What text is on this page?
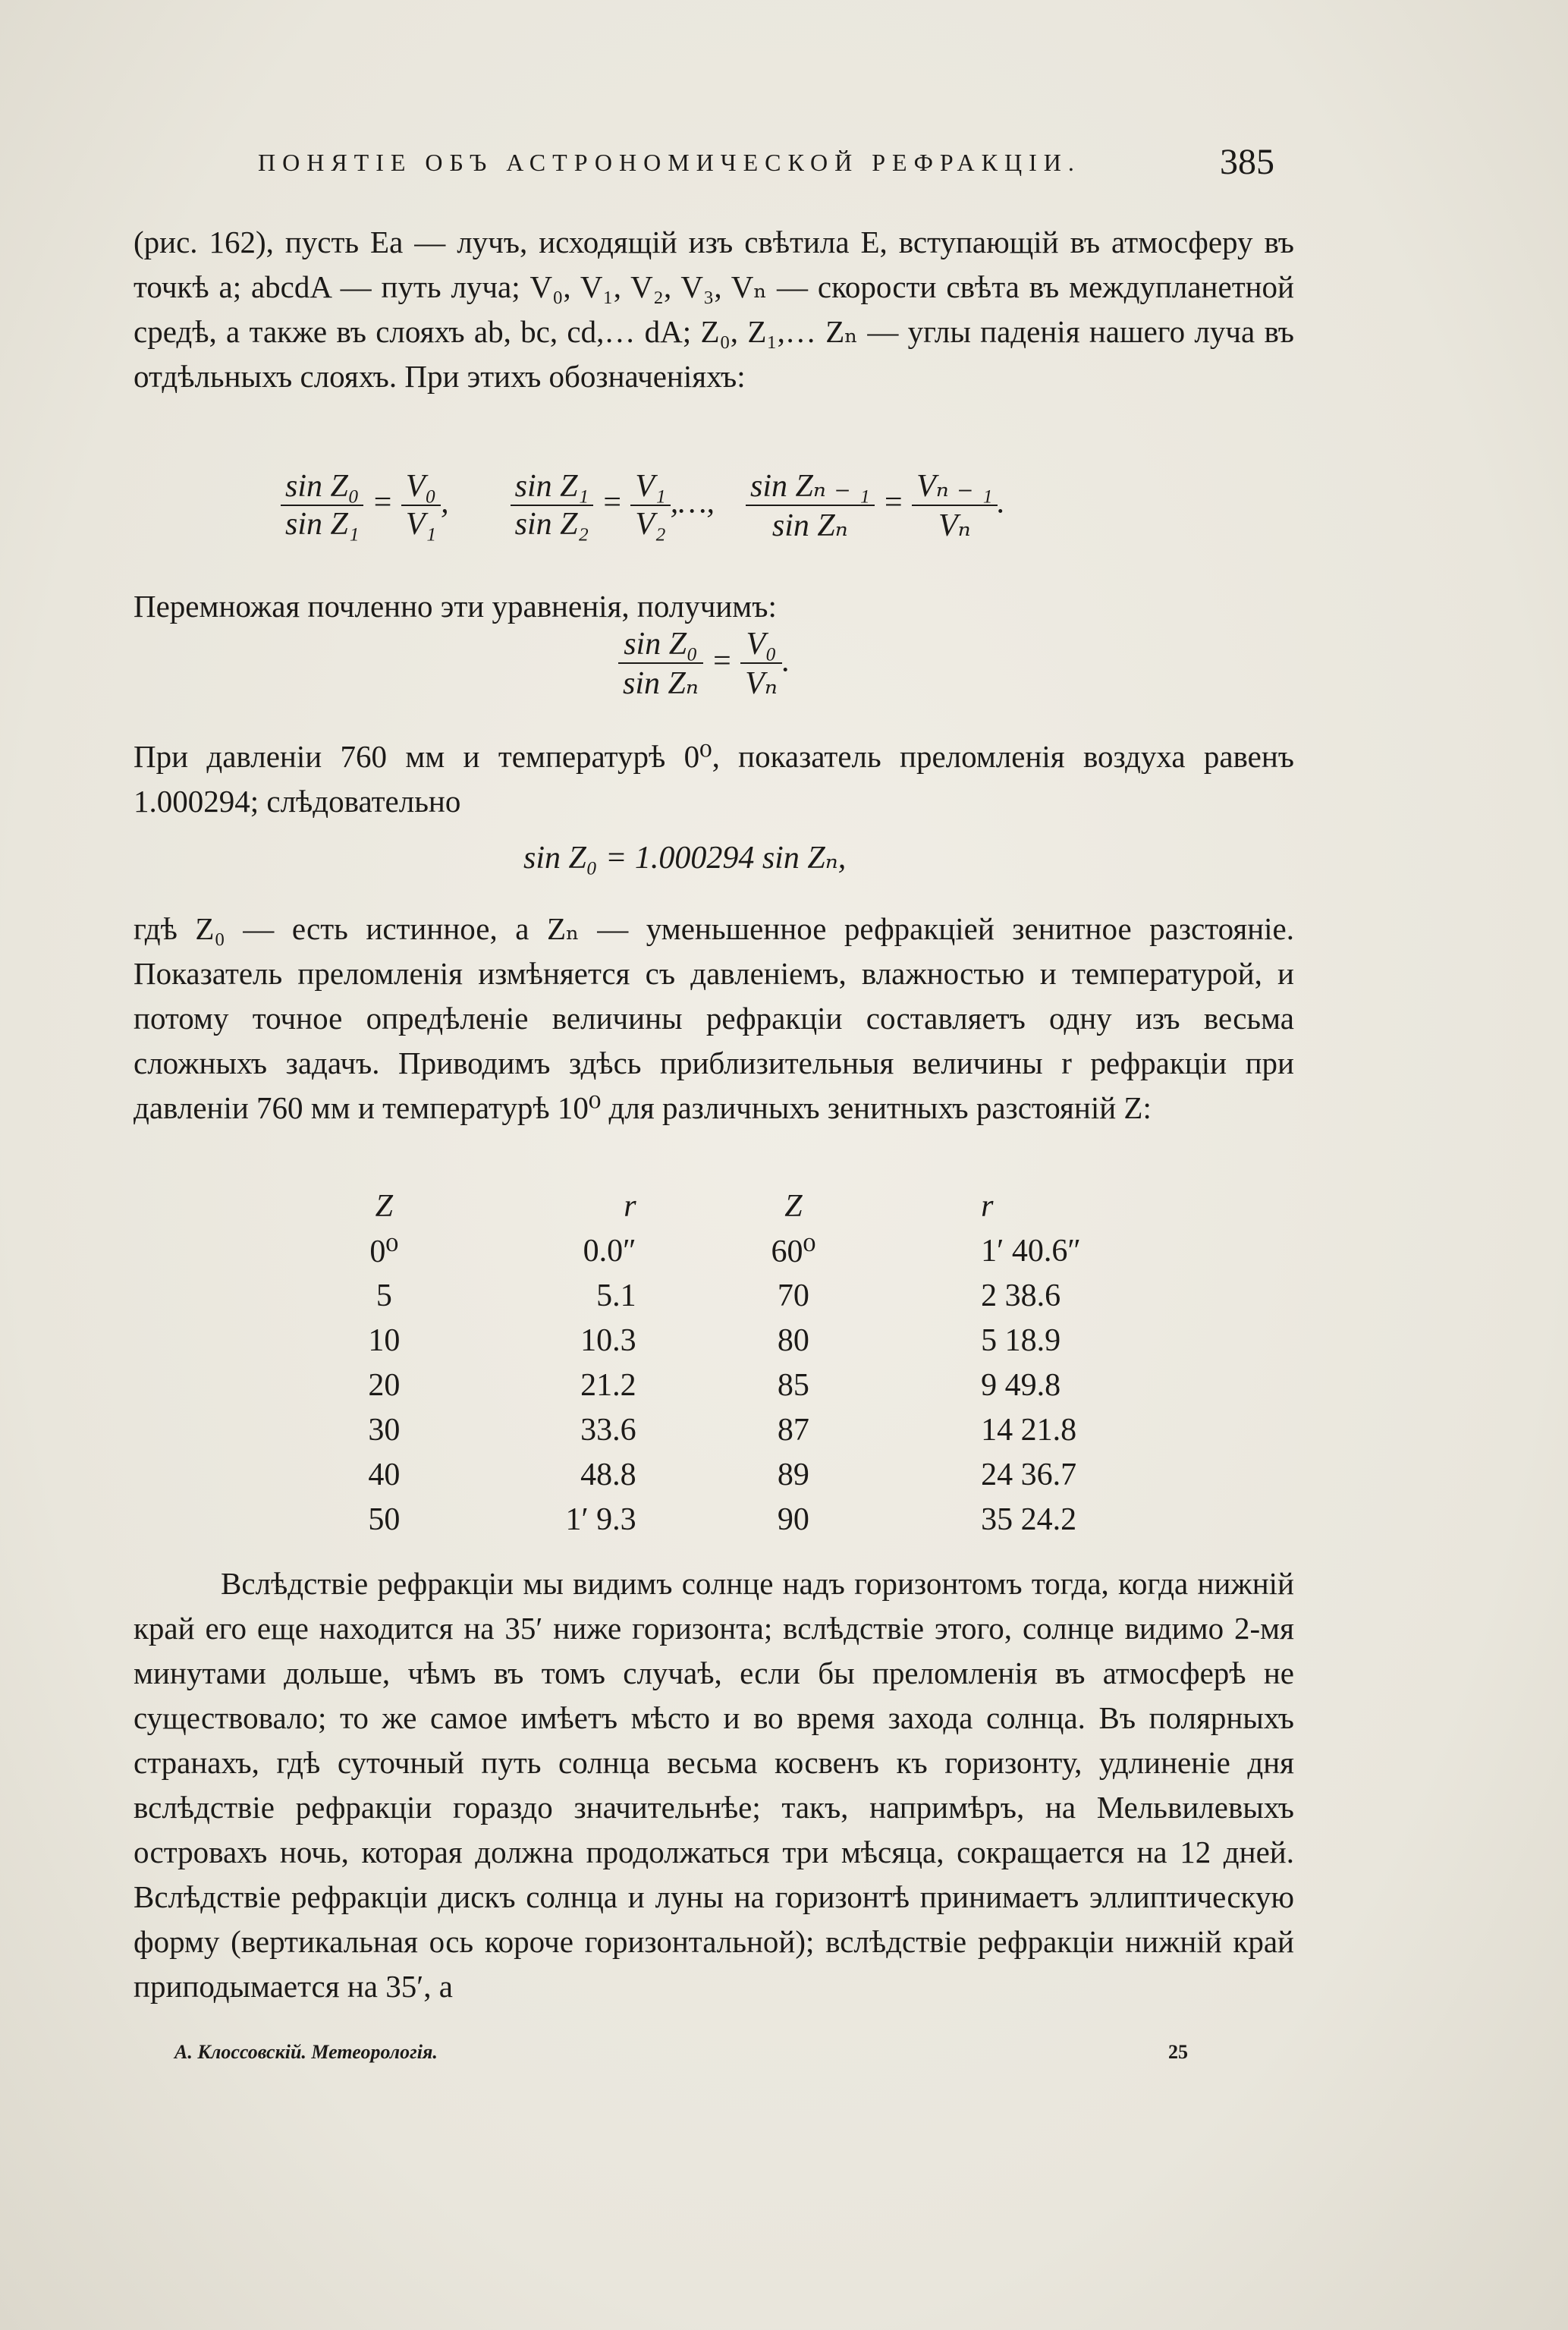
ПОНЯТІЕ ОБЪ АСТРОНОМИЧЕСКОЙ РЕФРАКЦІИ.	385
(рис. 162), пусть Ea — лучъ, исходящій изъ свѣтила E, вступающій въ атмосферу въ точкѣ a; abcdA — путь луча; V₀, V₁, V₂, V₃, Vₙ — скорости свѣта въ междупланетной средѣ, а также въ слояхъ ab, bc, cd,… dA; Z₀, Z₁,… Zₙ — углы паденія нашего луча въ отдѣльныхъ слояхъ. При этихъ обозначеніяхъ:
$\frac{\text{sin Z₀}}{\text{sin Z₁}} = \frac{\text{V₀}}{\text{V₁}}$ , $\frac{\text{sin Z₁}}{\text{sin Z₂}} = \frac{\text{V₁}}{\text{V₂}}$ ,…, $\frac{\text{sin Zₙ ₋ ₁}}{\text{sin Zₙ}} = \frac{\text{Vₙ ₋ ₁}}{\text{Vₙ}}$ .
Перемножая почленно эти уравненія, получимъ:
$\frac{\text{sin Z₀}}{\text{sin Zₙ}} = \frac{\text{V₀}}{\text{Vₙ}}$ .
При давленіи 760 мм и температурѣ 0⁰, показатель преломленія воздуха равенъ 1.000294; слѣдовательно
sin Z₀ = 1.000294 sin Zₙ,
гдѣ Z₀ — есть истинное, а Zₙ — уменьшенное рефракціей зенитное разстояніе. Показатель преломленія измѣняется съ давленіемъ, влажностью и температурой, и потому точное опредѣленіе величины рефракціи составляетъ одну изъ весьма сложныхъ задачъ. Приводимъ здѣсь приблизительныя величины r рефракціи при давленіи 760 мм и температурѣ 10⁰ для различныхъ зенитныхъ разстояній Z:
Z	r	Z	r
0⁰	0.0″	60⁰	1′ 40.6″
5	5.1	70	2 38.6
10	10.3	80	5 18.9
20	21.2	85	9 49.8
30	33.6	87	14 21.8
40	48.8	89	24 36.7
50	1′ 9.3	90	35 24.2
Вслѣдствіе рефракціи мы видимъ солнце надъ горизонтомъ тогда, когда нижній край его еще находится на 35′ ниже горизонта; вслѣдствіе этого, солнце видимо 2-мя минутами дольше, чѣмъ въ томъ случаѣ, если бы преломленія въ атмосферѣ не существовало; то же самое имѣетъ мѣсто и во время захода солнца. Въ полярныхъ странахъ, гдѣ суточный путь солнца весьма косвенъ къ горизонту, удлиненіе дня вслѣдствіе рефракціи гораздо значительнѣе; такъ, напримѣръ, на Мельвилевыхъ островахъ ночь, которая должна продолжаться три мѣсяца, сокращается на 12 дней. Вслѣдствіе рефракціи дискъ солнца и луны на горизонтѣ принимаетъ эллиптическую форму (вертикальная ось короче горизонтальной); вслѣдствіе рефракціи нижній край приподымается на 35′, а
А. Клоссовскій. Метеорологія.	25
